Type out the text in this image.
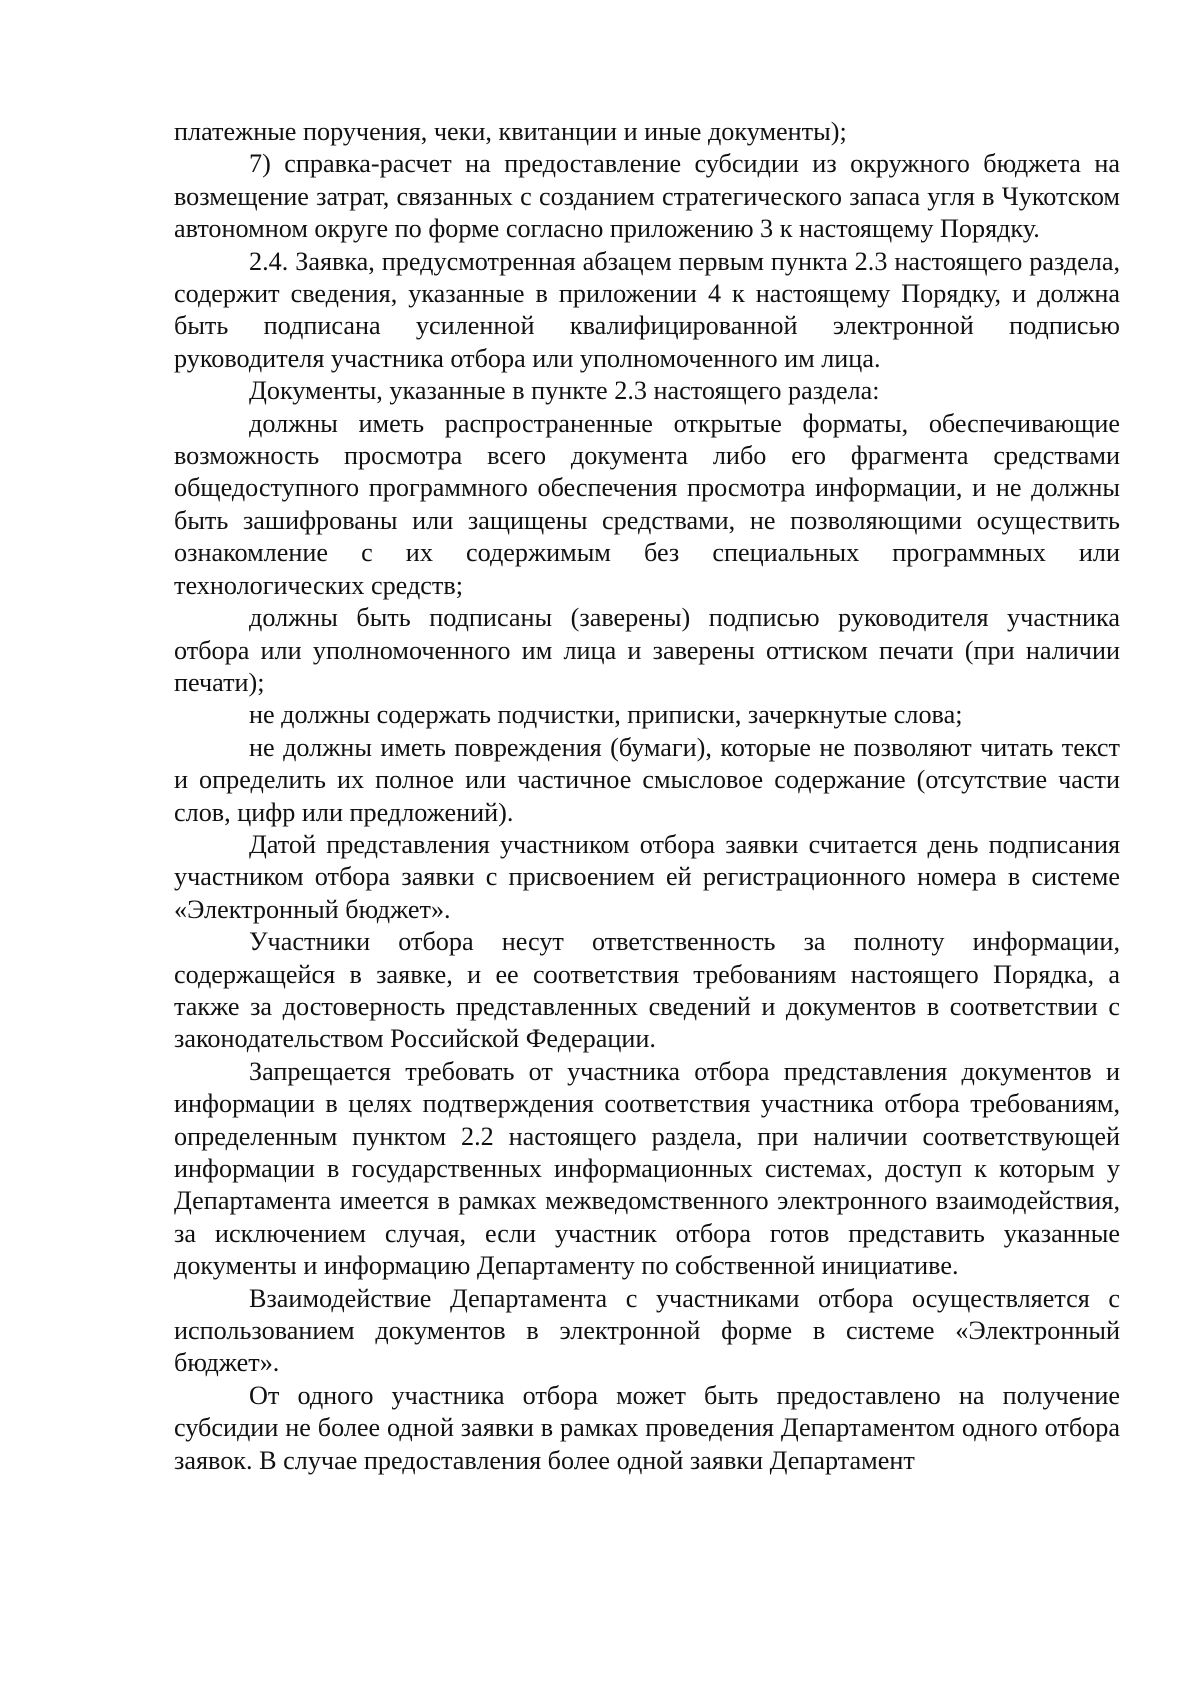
платежные поручения, чеки, квитанции и иные документы);

7) справка-расчет на предоставление субсидии из окружного бюджета на возмещение затрат, связанных с созданием стратегического запаса угля в Чукотском автономном округе по форме согласно приложению 3 к настоящему Порядку.

2.4. Заявка, предусмотренная абзацем первым пункта 2.3 настоящего раздела, содержит сведения, указанные в приложении 4 к настоящему Порядку, и должна быть подписана усиленной квалифицированной электронной подписью руководителя участника отбора или уполномоченного им лица.

Документы, указанные в пункте 2.3 настоящего раздела:

должны иметь распространенные открытые форматы, обеспечивающие возможность просмотра всего документа либо его фрагмента средствами общедоступного программного обеспечения просмотра информации, и не должны быть зашифрованы или защищены средствами, не позволяющими осуществить ознакомление с их содержимым без специальных программных или технологических средств;

должны быть подписаны (заверены) подписью руководителя участника отбора или уполномоченного им лица и заверены оттиском печати (при наличии печати);

не должны содержать подчистки, приписки, зачеркнутые слова;

не должны иметь повреждения (бумаги), которые не позволяют читать текст и определить их полное или частичное смысловое содержание (отсутствие части слов, цифр или предложений).

Датой представления участником отбора заявки считается день подписания участником отбора заявки с присвоением ей регистрационного номера в системе «Электронный бюджет».

Участники отбора несут ответственность за полноту информации, содержащейся в заявке, и ее соответствия требованиям настоящего Порядка, а также за достоверность представленных сведений и документов в соответствии с законодательством Российской Федерации.

Запрещается требовать от участника отбора представления документов и информации в целях подтверждения соответствия участника отбора требованиям, определенным пунктом 2.2 настоящего раздела, при наличии соответствующей информации в государственных информационных системах, доступ к которым у Департамента имеется в рамках межведомственного электронного взаимодействия, за исключением случая, если участник отбора готов представить указанные документы и информацию Департаменту по собственной инициативе.

Взаимодействие Департамента с участниками отбора осуществляется с использованием документов в электронной форме в системе «Электронный бюджет».

От одного участника отбора может быть предоставлено на получение субсидии не более одной заявки в рамках проведения Департаментом одного отбора заявок. В случае предоставления более одной заявки Департамент
